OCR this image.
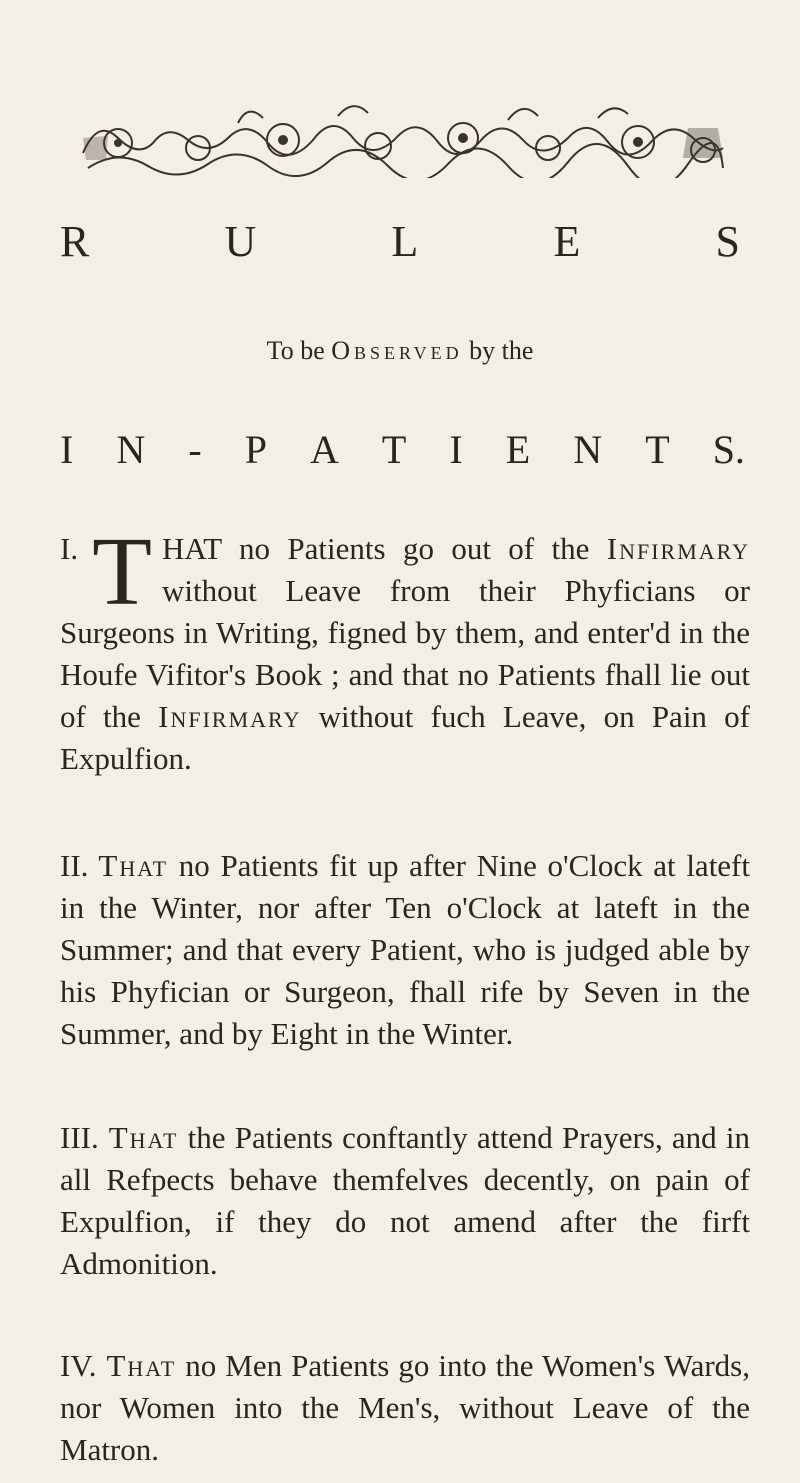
R	U	L	E	S
To be Observed by the
I N - P A T I E N T S.
I. T HAT no Patients go out of the Infirmary without Leave from their Phyficians or Surgeons in Writing, figned by them, and enter'd in the Houfe Vifitor's Book ; and that no Patients fhall lie out of the Infirmary without fuch Leave, on Pain of Expulfion.
II. That no Patients fit up after Nine o'Clock at lateft in the Winter, nor after Ten o'Clock at lateft in the Summer; and that every Patient, who is judged able by his Phyfician or Surgeon, fhall rife by Seven in the Summer, and by Eight in the Winter.
III. That the Patients conftantly attend Prayers, and in all Refpects behave themfelves decently, on pain of Expulfion, if they do not amend after the firft Admonition.
IV. That no Men Patients go into the Women's Wards, nor Women into the Men's, without Leave of the Matron.
